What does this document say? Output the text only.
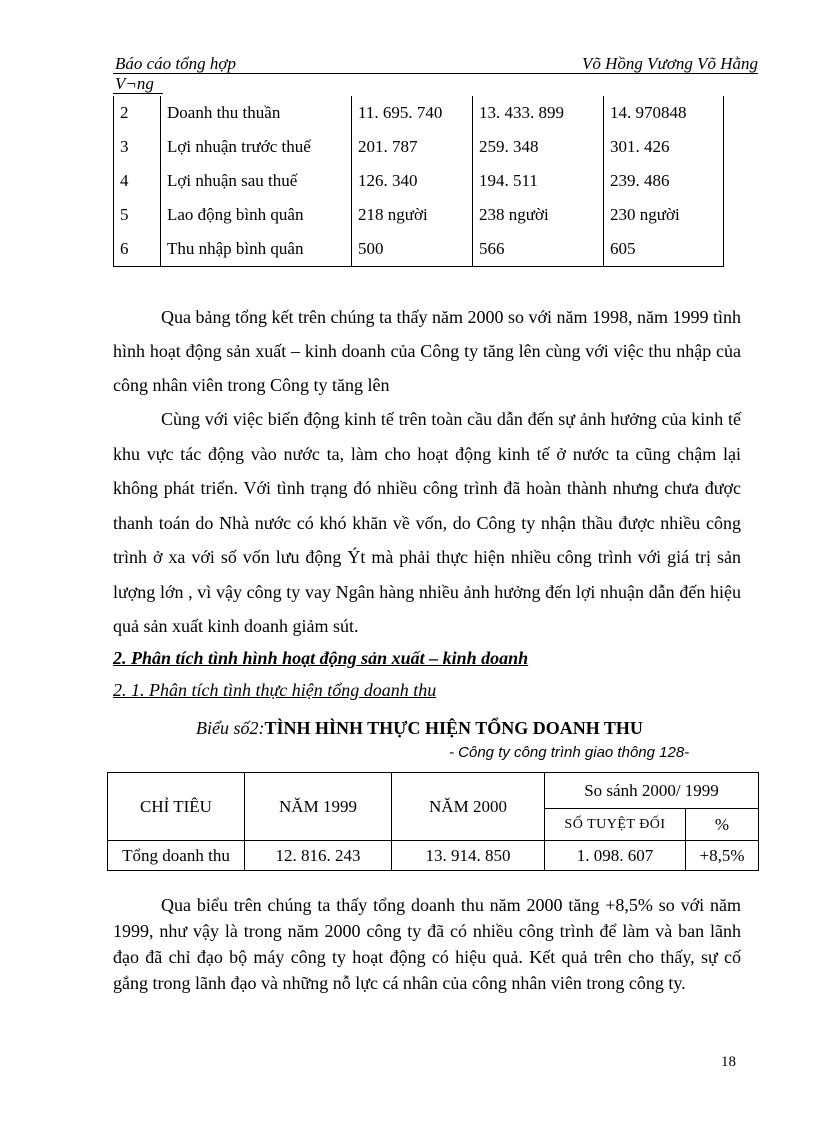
Báo cáo tổng hợp	Võ Hồng Vương Võ Hằng
V¬ng
2	Doanh thu thuần	11. 695. 740	13. 433. 899	14. 970848
3	Lợi nhuận trước thuế	201. 787	259. 348	301. 426
4	Lợi nhuận sau thuế	126. 340	194. 511	239. 486
5	Lao động bình quân	218 người	238 người	230 người
6	Thu nhập bình quân	500	566	605
Qua bảng tổng kết trên chúng ta thấy năm 2000 so với năm 1998, năm 1999 tình hình hoạt động sản xuất – kinh doanh của Công ty tăng lên cùng với việc thu nhập của công nhân viên trong Công ty tăng lên
Cùng với việc biến động kinh tế trên toàn cầu dẫn đến sự ảnh hưởng của kinh tế khu vực tác động vào nước ta, làm cho hoạt động kinh tế ở nước ta cũng chậm lại không phát triển. Với tình trạng đó nhiều công trình đã hoàn thành nhưng chưa được thanh toán do Nhà nước có khó khăn về vốn, do Công ty nhận thầu được nhiều công trình ở xa với số vốn lưu động Ýt mà phải thực hiện nhiều công trình với giá trị sản lượng lớn , vì vậy công ty vay Ngân hàng nhiều ảnh hưởng đến lợi nhuận dẫn đến hiệu quả sản xuất kinh doanh giảm sút.
2. Phân tích tình hình hoạt động sản xuất – kinh doanh
2. 1. Phân tích tình thực hiện tổng doanh thu
Biểu số2:TÌNH HÌNH THỰC HIỆN TỔNG DOANH THU
- Công ty công trình giao thông 128-
CHỈ TIÊU	NĂM 1999	NĂM 2000	So sánh 2000/ 1999	
			SỐ TUYỆT ĐỐI	%
Tổng doanh thu	12. 816. 243	13. 914. 850	1. 098. 607	+8,5%
Qua biểu trên chúng ta thấy tổng doanh thu năm 2000 tăng +8,5% so với năm 1999, như vậy là trong năm 2000 công ty đã có nhiều công trình để làm và ban lãnh đạo đã chỉ đạo bộ máy công ty hoạt động có hiệu quả. Kết quả trên cho thấy, sự cố gắng trong lãnh đạo và những nỗ lực cá nhân của công nhân viên trong công ty.
18
